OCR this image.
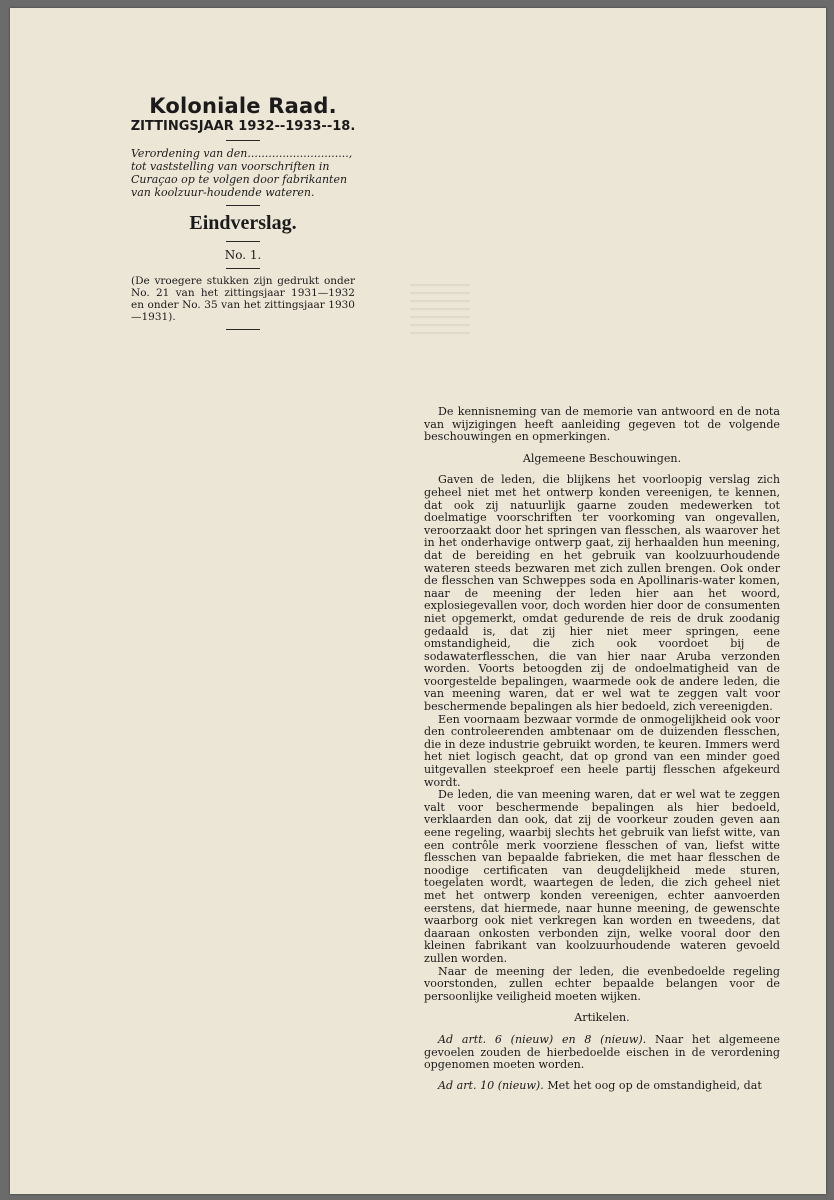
Koloniale Raad.
ZITTINGSJAAR 1932--1933--18.
Verordening van den............................., tot vaststelling van voorschriften in Curaçao op te volgen door fabrikanten van koolzuur-houdende wateren.
Eindverslag.
No. 1.
(De vroegere stukken zijn gedrukt onder No. 21 van het zittingsjaar 1931—1932 en onder No. 35 van het zittingsjaar 1930—1931).

De kennisneming van de memorie van antwoord en de nota van wijzigingen heeft aanleiding gegeven tot de volgende beschouwingen en opmerkingen.

Algemeene Beschouwingen.

Gaven de leden, die blijkens het voorloopig verslag zich geheel niet met het ontwerp konden vereenigen, te kennen, dat ook zij natuurlijk gaarne zouden medewerken tot doelmatige voorschriften ter voorkoming van ongevallen, veroorzaakt door het springen van flesschen, als waarover het in het onderhavige ontwerp gaat, zij herhaalden hun meening, dat de bereiding en het gebruik van koolzuurhoudende wateren steeds bezwaren met zich zullen brengen. Ook onder de flesschen van Schweppes soda en Apollinaris-water komen, naar de meening der leden hier aan het woord, explosiegevallen voor, doch worden hier door de consumenten niet opgemerkt, omdat gedurende de reis de druk zoodanig gedaald is, dat zij hier niet meer springen, eene omstandigheid, die zich ook voordoet bij de sodawaterflesschen, die van hier naar Aruba verzonden worden. Voorts betoogden zij de ondoelmatigheid van de voorgestelde bepalingen, waarmede ook de andere leden, die van meening waren, dat er wel wat te zeggen valt voor beschermende bepalingen als hier bedoeld, zich vereenigden.

Een voornaam bezwaar vormde de onmogelijkheid ook voor den controleerenden ambtenaar om de duizenden flesschen, die in deze industrie gebruikt worden, te keuren. Immers werd het niet logisch geacht, dat op grond van een minder goed uitgevallen steekproef een heele partij flesschen afgekeurd wordt.

De leden, die van meening waren, dat er wel wat te zeggen valt voor beschermende bepalingen als hier bedoeld, verklaarden dan ook, dat zij de voorkeur zouden geven aan eene regeling, waarbij slechts het gebruik van liefst witte, van een contrôle merk voorziene flesschen of van, liefst witte flesschen van bepaalde fabrieken, die met haar flesschen de noodige certificaten van deugdelijkheid mede sturen, toegelaten wordt, waartegen de leden, die zich geheel niet met het ontwerp konden vereenigen, echter aanvoerden eerstens, dat hiermede, naar hunne meening, de gewenschte waarborg ook niet verkregen kan worden en tweedens, dat daaraan onkosten verbonden zijn, welke vooral door den kleinen fabrikant van koolzuurhoudende wateren gevoeld zullen worden.

Naar de meening der leden, die evenbedoelde regeling voorstonden, zullen echter bepaalde belangen voor de persoonlijke veiligheid moeten wijken.

Artikelen.

Ad artt. 6 (nieuw) en 8 (nieuw). Naar het algemeene gevoelen zouden de hierbedoelde eischen in de verordening opgenomen moeten worden.

Ad art. 10 (nieuw). Met het oog op de omstandigheid, dat
